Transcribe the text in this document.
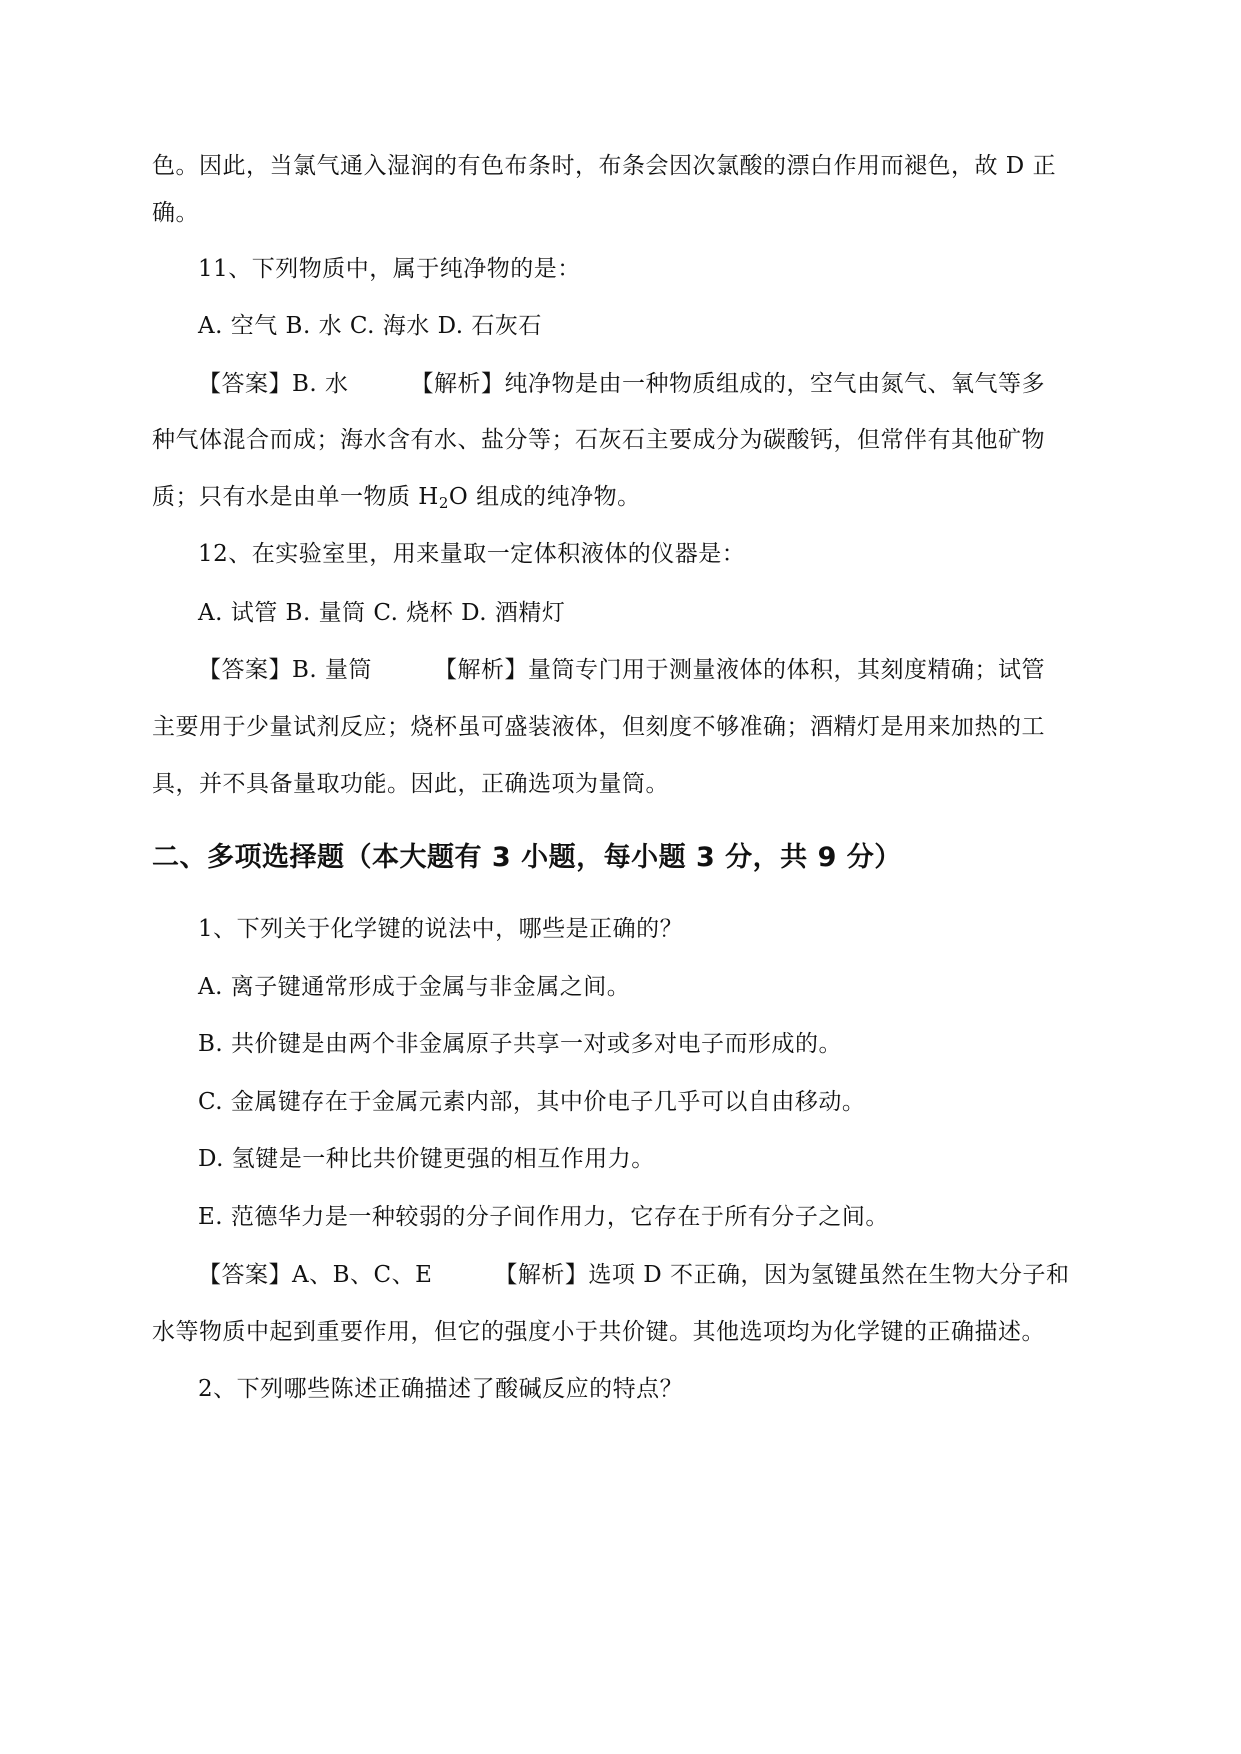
色。因此，当氯气通入湿润的有色布条时，布条会因次氯酸的漂白作用而褪色，故 D 正
确。
11、下列物质中，属于纯净物的是：
A. 空气 B. 水 C. 海水 D. 石灰石
【答案】B. 水	【解析】纯净物是由一种物质组成的，空气由氮气、氧气等多
种气体混合而成；海水含有水、盐分等；石灰石主要成分为碳酸钙，但常伴有其他矿物
质；只有水是由单一物质 $H_2O$ 组成的纯净物。
12、在实验室里，用来量取一定体积液体的仪器是：
A. 试管 B. 量筒 C. 烧杯 D. 酒精灯
【答案】B. 量筒	【解析】量筒专门用于测量液体的体积，其刻度精确；试管
主要用于少量试剂反应；烧杯虽可盛装液体，但刻度不够准确；酒精灯是用来加热的工
具，并不具备量取功能。因此，正确选项为量筒。
二、多项选择题（本大题有 3 小题，每小题 3 分，共 9 分）
1、下列关于化学键的说法中，哪些是正确的？
A. 离子键通常形成于金属与非金属之间。
B. 共价键是由两个非金属原子共享一对或多对电子而形成的。
C. 金属键存在于金属元素内部，其中价电子几乎可以自由移动。
D. 氢键是一种比共价键更强的相互作用力。
E. 范德华力是一种较弱的分子间作用力，它存在于所有分子之间。
【答案】A、B、C、E	【解析】选项 D 不正确，因为氢键虽然在生物大分子和
水等物质中起到重要作用，但它的强度小于共价键。其他选项均为化学键的正确描述。
2、下列哪些陈述正确描述了酸碱反应的特点？
